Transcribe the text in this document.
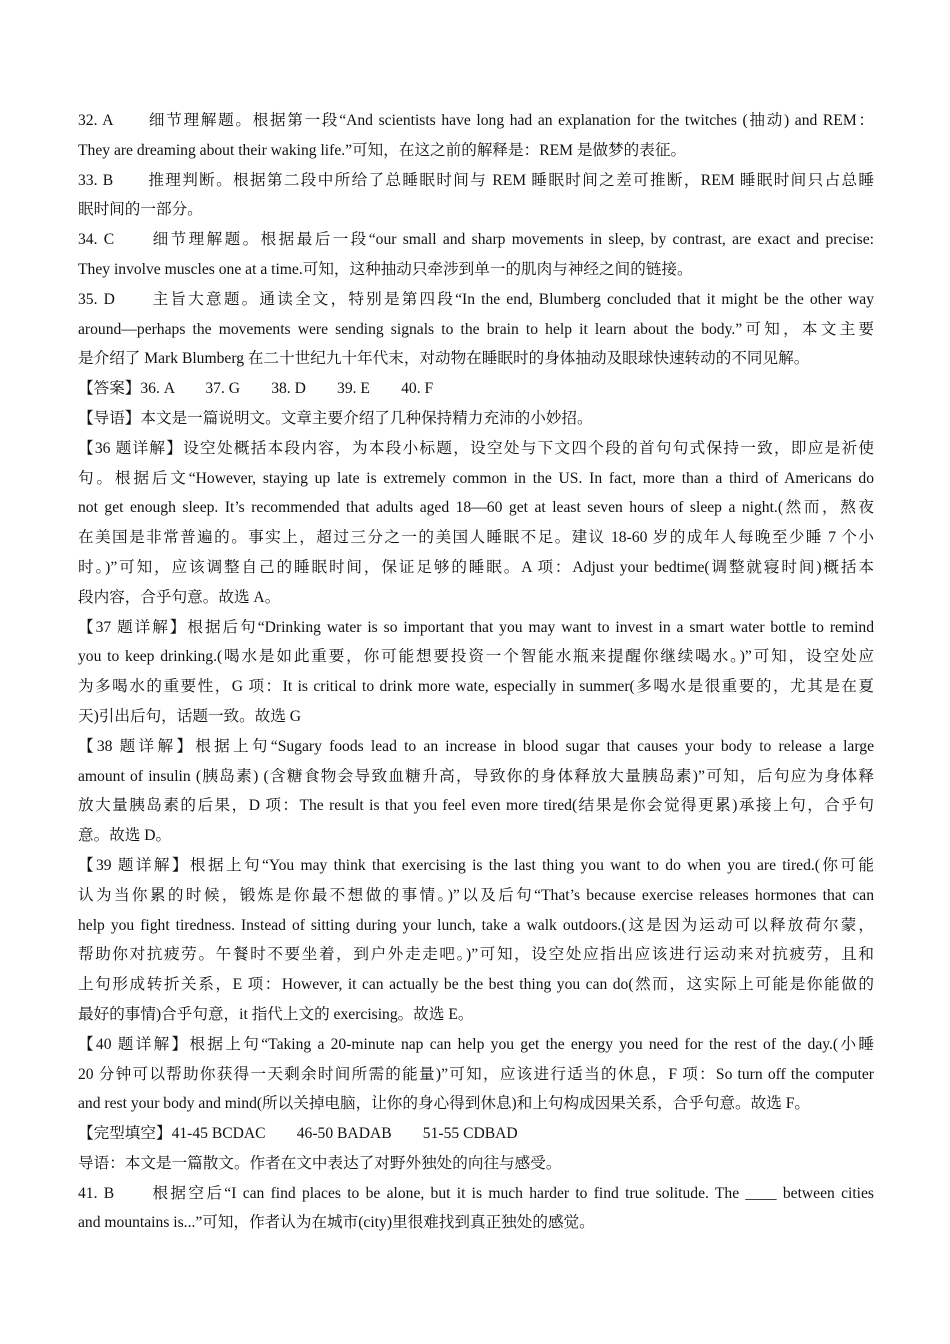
32. A　　细节理解题。根据第一段“And scientists have long had an explanation for the twitches (抽动) and REM：
They are dreaming about their waking life.”可知，在这之前的解释是：REM 是做梦的表征。
33. B　　推理判断。根据第二段中所给了总睡眠时间与 REM 睡眠时间之差可推断，REM 睡眠时间只占总睡
眠时间的一部分。
34. C　　细节理解题。根据最后一段“our small and sharp movements in sleep, by contrast, are exact and precise:
They involve muscles one at a time.可知，这种抽动只牵涉到单一的肌肉与神经之间的链接。
35. D　　主旨大意题。通读全文，特别是第四段“In the end, Blumberg concluded that it might be the other way
around—perhaps the movements were sending signals to the brain to help it learn about the body.”可知，本文主要
是介绍了 Mark Blumberg 在二十世纪九十年代末，对动物在睡眠时的身体抽动及眼球快速转动的不同见解。
【答案】36. A　　37. G　　38. D　　39. E　　40. F
【导语】本文是一篇说明文。文章主要介绍了几种保持精力充沛的小妙招。
【36 题详解】设空处概括本段内容，为本段小标题，设空处与下文四个段的首句句式保持一致，即应是祈使
句。根据后文“However, staying up late is extremely common in the US. In fact, more than a third of Americans do
not get enough sleep. It’s recommended that adults aged 18—60 get at least seven hours of sleep a night.(然而，熬夜
在美国是非常普遍的。事实上，超过三分之一的美国人睡眠不足。建议 18-60 岁的成年人每晚至少睡 7 个小
时。)”可知，应该调整自己的睡眠时间，保证足够的睡眠。A 项：Adjust your bedtime(调整就寝时间)概括本
段内容，合乎句意。故选 A。
【37 题详解】根据后句“Drinking water is so important that you may want to invest in a smart water bottle to remind
you to keep drinking.(喝水是如此重要，你可能想要投资一个智能水瓶来提醒你继续喝水。)”可知，设空处应
为多喝水的重要性，G 项：It is critical to drink more wate, especially in summer(多喝水是很重要的，尤其是在夏
天)引出后句，话题一致。故选 G
【38 题详解】根据上句“Sugary foods lead to an increase in blood sugar that causes your body to release a large
amount of insulin (胰岛素) (含糖食物会导致血糖升高，导致你的身体释放大量胰岛素)”可知，后句应为身体释
放大量胰岛素的后果，D 项：The result is that you feel even more tired(结果是你会觉得更累)承接上句，合乎句
意。故选 D。
【39 题详解】根据上句“You may think that exercising is the last thing you want to do when you are tired.(你可能
认为当你累的时候，锻炼是你最不想做的事情。)”以及后句“That’s because exercise releases hormones that can
help you fight tiredness. Instead of sitting during your lunch, take a walk outdoors.(这是因为运动可以释放荷尔蒙，
帮助你对抗疲劳。午餐时不要坐着，到户外走走吧。)”可知，设空处应指出应该进行运动来对抗疲劳，且和
上句形成转折关系，E 项：However, it can actually be the best thing you can do(然而，这实际上可能是你能做的
最好的事情)合乎句意，it 指代上文的 exercising。故选 E。
【40 题详解】根据上句“Taking a 20-minute nap can help you get the energy you need for the rest of the day.(小睡
20 分钟可以帮助你获得一天剩余时间所需的能量)”可知，应该进行适当的休息，F 项：So turn off the computer
and rest your body and mind(所以关掉电脑，让你的身心得到休息)和上句构成因果关系，合乎句意。故选 F。
【完型填空】41-45 BCDAC　　46-50 BADAB　　51-55 CDBAD
导语：本文是一篇散文。作者在文中表达了对野外独处的向往与感受。
41. B　　根据空后“I can find places to be alone, but it is much harder to find true solitude. The ____ between cities
and mountains is...”可知，作者认为在城市(city)里很难找到真正独处的感觉。
